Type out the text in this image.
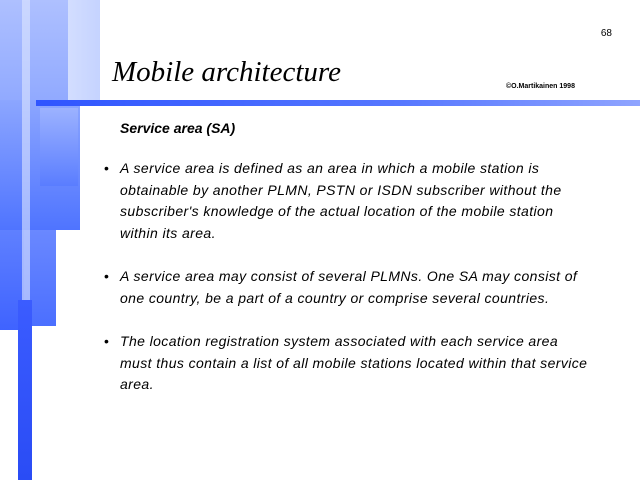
68
Mobile architecture	©O.Martikainen 1998
Service area (SA)
• A service area is defined as an area in which a mobile station is obtainable by another PLMN, PSTN or ISDN subscriber without the subscriber's knowledge of the actual location of the mobile station within its area.
• A service area may consist of several PLMNs. One SA may consist of one country, be a part of a country or comprise several countries.
• The location registration system associated with each service area must thus contain a list of all mobile stations located within that service area.
